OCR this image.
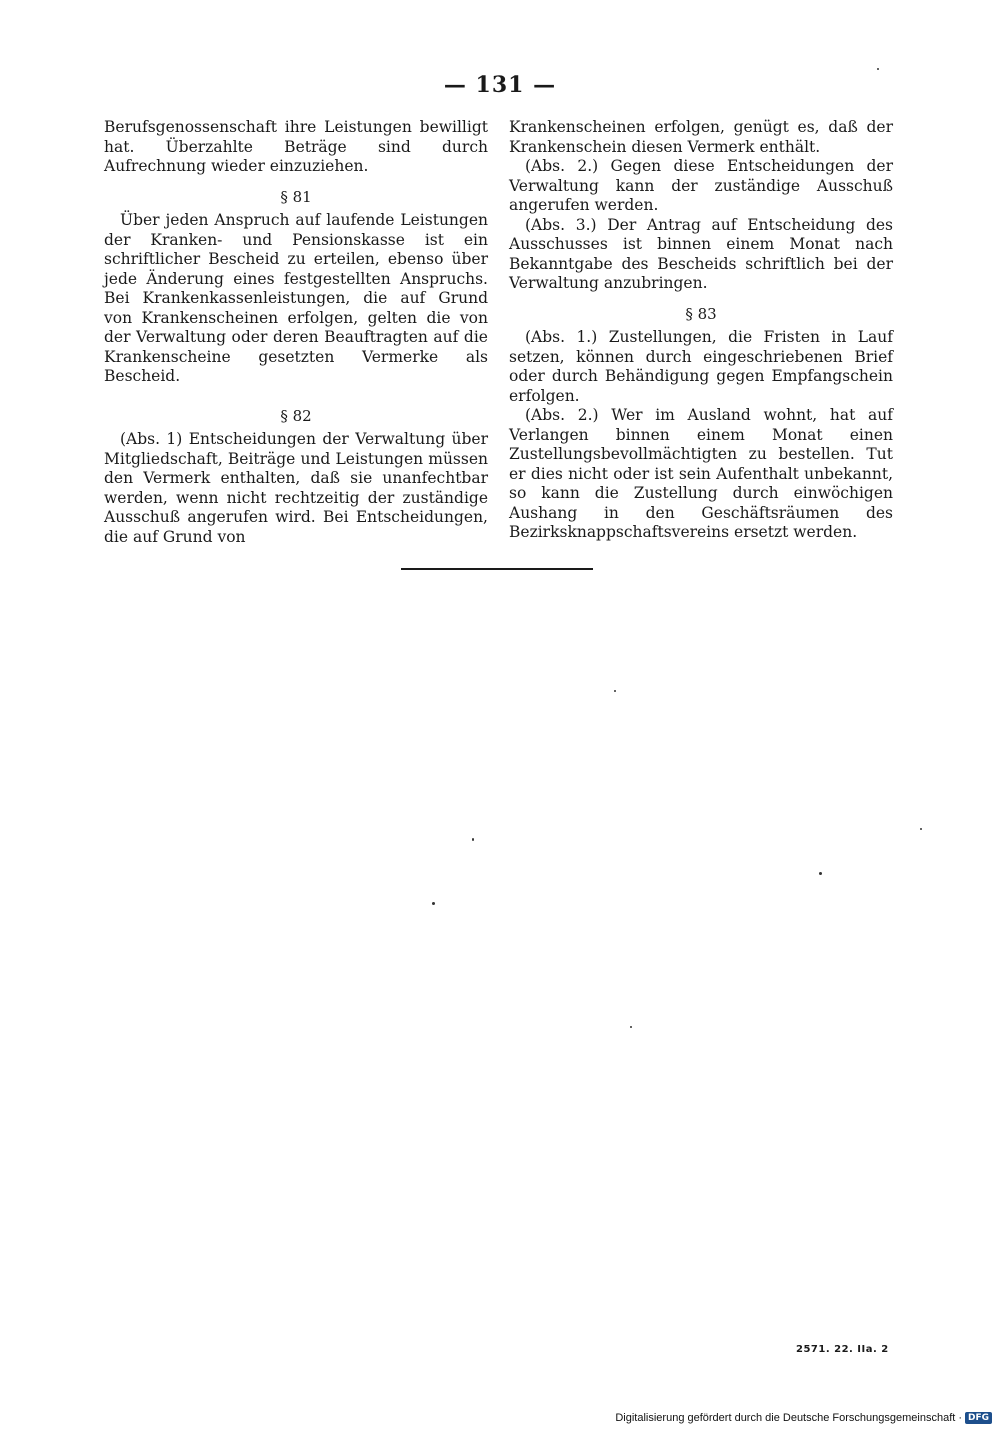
— 131 —

Berufsgenossenschaft ihre Leistungen bewilligt hat. Überzahlte Beträge sind durch Aufrechnung wieder einzuziehen.

§ 81

Über jeden Anspruch auf laufende Leistungen der Kranken- und Pensionskasse ist ein schriftlicher Bescheid zu erteilen, ebenso über jede Änderung eines festgestellten Anspruchs. Bei Krankenkassenleistungen, die auf Grund von Krankenscheinen erfolgen, gelten die von der Verwaltung oder deren Beauftragten auf die Krankenscheine gesetzten Vermerke als Bescheid.

§ 82

(Abs. 1) Entscheidungen der Verwaltung über Mitgliedschaft, Beiträge und Leistungen müssen den Vermerk enthalten, daß sie unanfechtbar werden, wenn nicht rechtzeitig der zuständige Ausschuß angerufen wird. Bei Entscheidungen, die auf Grund von

Krankenscheinen erfolgen, genügt es, daß der Krankenschein diesen Vermerk enthält.

(Abs. 2.) Gegen diese Entscheidungen der Verwaltung kann der zuständige Ausschuß angerufen werden.

(Abs. 3.) Der Antrag auf Entscheidung des Ausschusses ist binnen einem Monat nach Bekanntgabe des Bescheids schriftlich bei der Verwaltung anzubringen.

§ 83

(Abs. 1.) Zustellungen, die Fristen in Lauf setzen, können durch eingeschriebenen Brief oder durch Behändigung gegen Empfangschein erfolgen.

(Abs. 2.) Wer im Ausland wohnt, hat auf Verlangen binnen einem Monat einen Zustellungsbevollmächtigten zu bestellen. Tut er dies nicht oder ist sein Aufenthalt unbekannt, so kann die Zustellung durch einwöchigen Aushang in den Geschäftsräumen des Bezirksknappschaftsvereins ersetzt werden.

2571. 22. IIa. 2
Digitalisierung gefördert durch die Deutsche Forschungsgemeinschaft · DFG
